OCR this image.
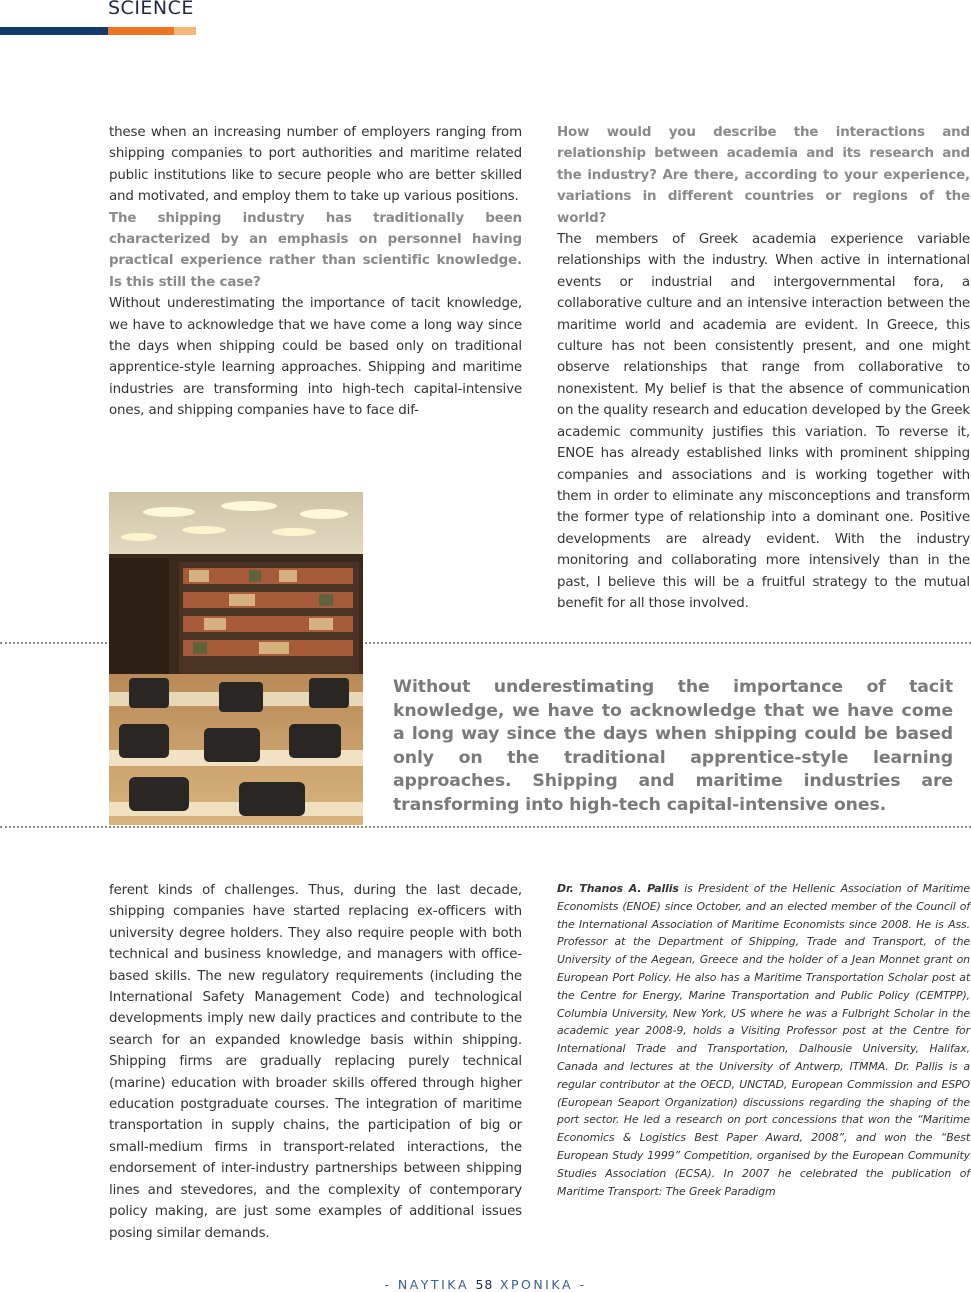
SCIENCE

these when an increasing number of employers ranging from shipping companies to port authorities and maritime related public institutions like to secure people who are better skilled and motivated, and employ them to take up various positions.

The shipping industry has traditionally been characterized by an emphasis on personnel having practical experience rather than scientific knowledge. Is this still the case?

Without underestimating the importance of tacit knowledge, we have to acknowledge that we have come a long way since the days when shipping could be based only on traditional apprentice-style learning approaches. Shipping and maritime industries are transforming into high-tech capital-intensive ones, and shipping companies have to face dif-

How would you describe the interactions and relationship between academia and its research and the industry? Are there, according to your experience, variations in different countries or regions of the world?

The members of Greek academia experience variable relationships with the industry. When active in international events or industrial and intergovernmental fora, a collaborative culture and an intensive interaction between the maritime world and academia are evident. In Greece, this culture has not been consistently present, and one might observe relationships that range from collaborative to nonexistent. My belief is that the absence of communication on the quality research and education developed by the Greek academic community justifies this variation. To reverse it, ENOE has already established links with prominent shipping companies and associations and is working together with them in order to eliminate any misconceptions and transform the former type of relationship into a dominant one. Positive developments are already evident. With the industry monitoring and collaborating more intensively than in the past, I believe this will be a fruitful strategy to the mutual benefit for all those involved.

Without underestimating the importance of tacit knowledge, we have to acknowledge that we have come a long way since the days when shipping could be based only on the traditional apprentice-style learning approaches. Shipping and maritime industries are transforming into high-tech capital-intensive ones.

ferent kinds of challenges. Thus, during the last decade, shipping companies have started replacing ex-officers with university degree holders. They also require people with both technical and business knowledge, and managers with office-based skills. The new regulatory requirements (including the International Safety Management Code) and technological developments imply new daily practices and contribute to the search for an expanded knowledge basis within shipping. Shipping firms are gradually replacing purely technical (marine) education with broader skills offered through higher education postgraduate courses. The integration of maritime transportation in supply chains, the participation of big or small-medium firms in transport-related interactions, the endorsement of inter-industry partnerships between shipping lines and stevedores, and the complexity of contemporary policy making, are just some examples of additional issues posing similar demands.

Dr. Thanos A. Pallis is President of the Hellenic Association of Maritime Economists (ENOE) since October, and an elected member of the Council of the International Association of Maritime Economists since 2008. He is Ass. Professor at the Department of Shipping, Trade and Transport, of the University of the Aegean, Greece and the holder of a Jean Monnet grant on European Port Policy. He also has a Maritime Transportation Scholar post at the Centre for Energy, Marine Transportation and Public Policy (CEMTPP), Columbia University, New York, US where he was a Fulbright Scholar in the academic year 2008-9, holds a Visiting Professor post at the Centre for International Trade and Transportation, Dalhousie University, Halifax, Canada and lectures at the University of Antwerp, ITMMA. Dr. Pallis is a regular contributor at the OECD, UNCTAD, European Commission and ESPO (European Seaport Organization) discussions regarding the shaping of the port sector. He led a research on port concessions that won the “Maritime Economics & Logistics Best Paper Award, 2008”, and won the “Best European Study 1999” Competition, organised by the European Community Studies Association (ECSA). In 2007 he celebrated the publication of Maritime Transport: The Greek Paradigm
- ΝΑΥΤΙΚΑ 58 ΧΡΟΝΙΚΑ -
